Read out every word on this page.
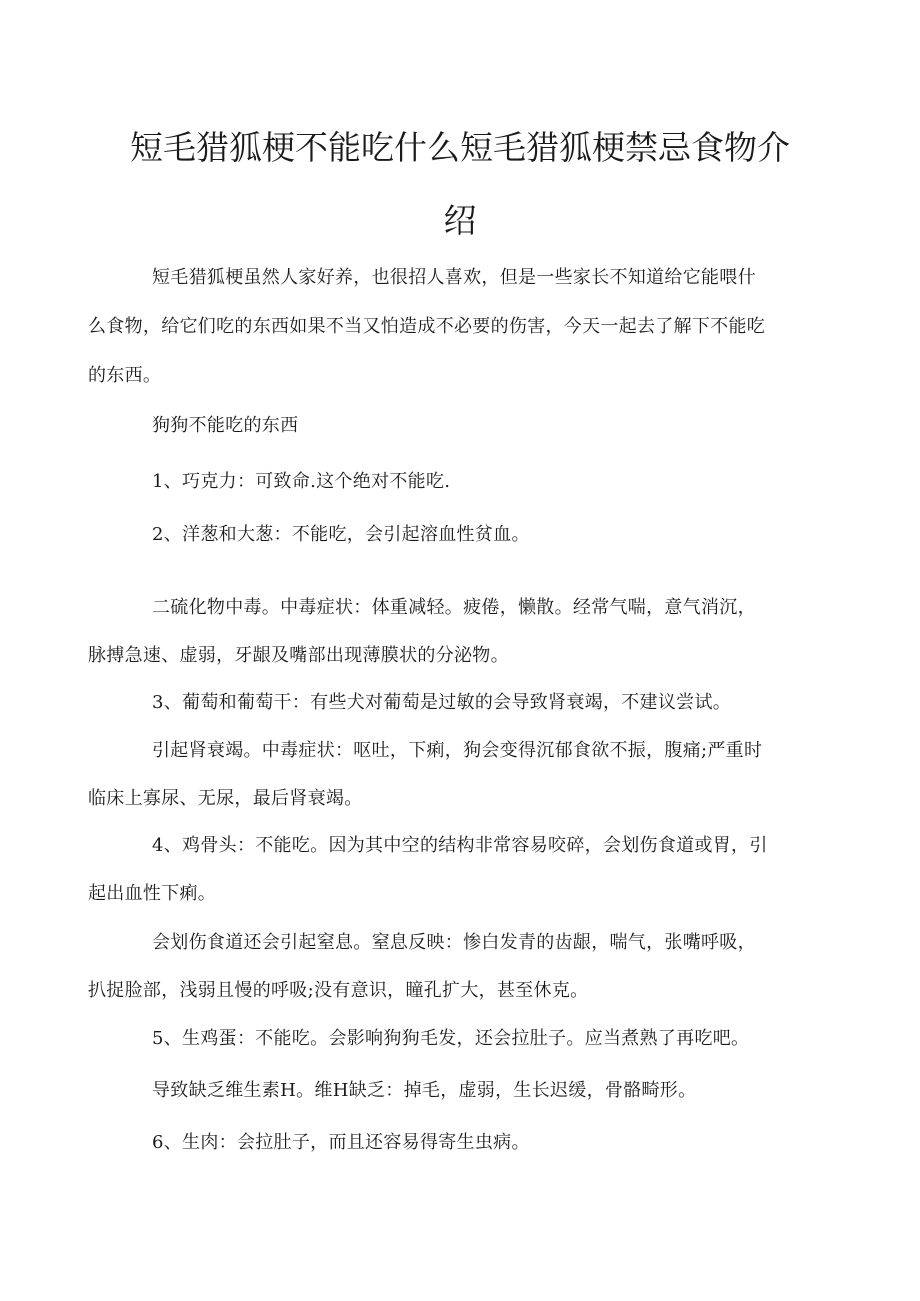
短毛猎狐梗不能吃什么短毛猎狐梗禁忌食物介
绍

短毛猎狐梗虽然人家好养，也很招人喜欢，但是一些家长不知道给它能喂什

么食物，给它们吃的东西如果不当又怕造成不必要的伤害，今天一起去了解下不能吃

的东西。

狗狗不能吃的东西

1、巧克力：可致命.这个绝对不能吃.

2、洋葱和大葱：不能吃，会引起溶血性贫血。

二硫化物中毒。中毒症状：体重减轻。疲倦，懒散。经常气喘，意气消沉，

脉搏急速、虚弱，牙龈及嘴部出现薄膜状的分泌物。

3、葡萄和葡萄干：有些犬对葡萄是过敏的会导致肾衰竭，不建议尝试。

引起肾衰竭。中毒症状：呕吐，下痢，狗会变得沉郁食欲不振，腹痛;严重时

临床上寡尿、无尿，最后肾衰竭。

4、鸡骨头：不能吃。因为其中空的结构非常容易咬碎，会划伤食道或胃，引

起出血性下痢。

会划伤食道还会引起窒息。窒息反映：惨白发青的齿龈，喘气，张嘴呼吸，

扒捉脸部，浅弱且慢的呼吸;没有意识，瞳孔扩大，甚至休克。

5、生鸡蛋：不能吃。会影响狗狗毛发，还会拉肚子。应当煮熟了再吃吧。

导致缺乏维生素H。维H缺乏：掉毛，虚弱，生长迟缓，骨骼畸形。

6、生肉：会拉肚子，而且还容易得寄生虫病。
